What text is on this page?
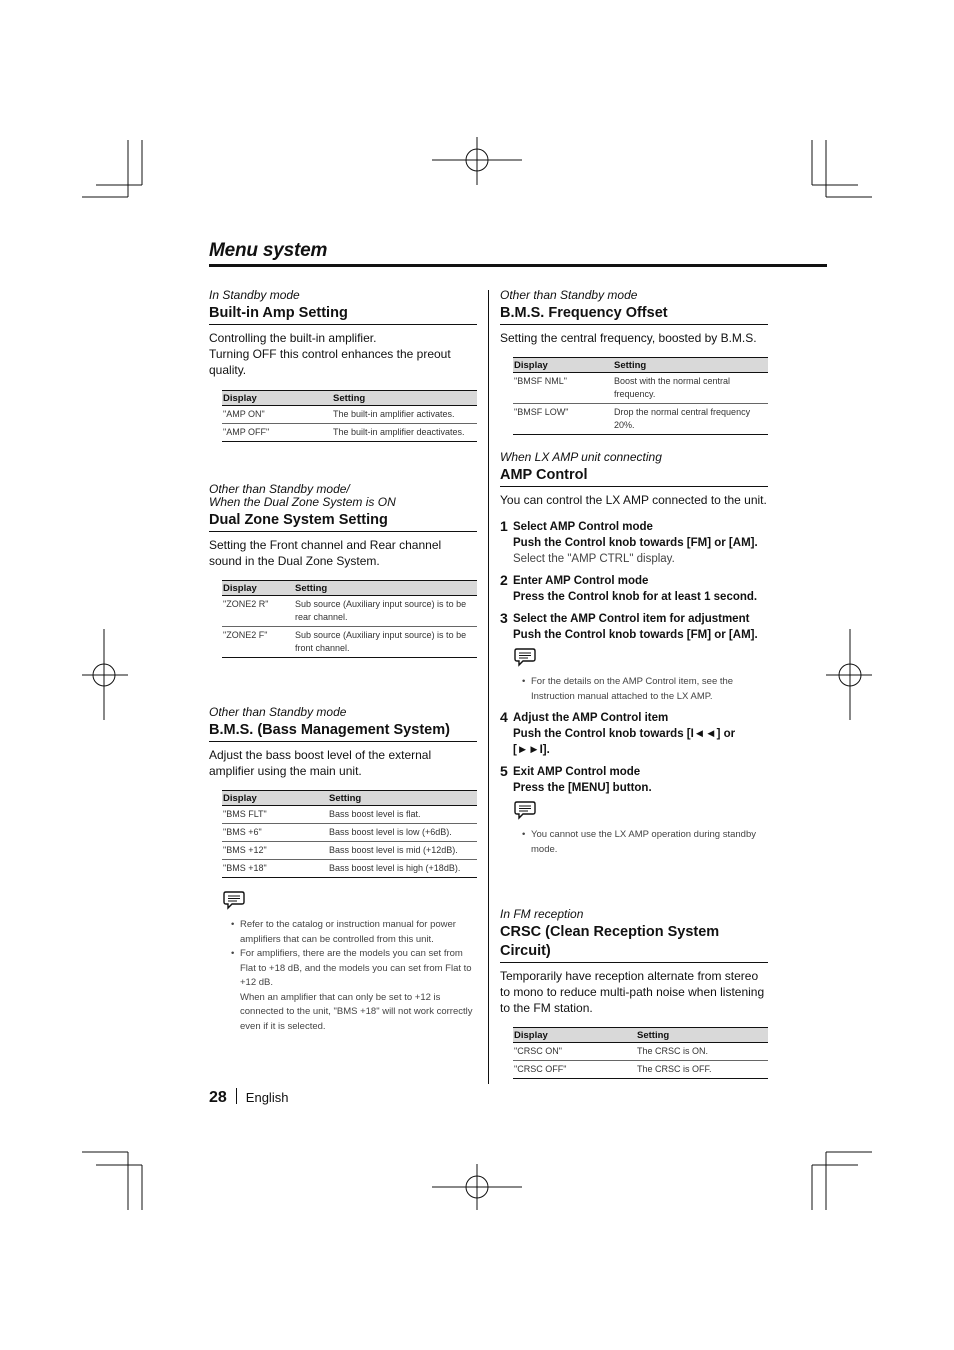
Menu system
In Standby mode
Built-in Amp Setting
Controlling the built-in amplifier.
Turning OFF this control enhances the preout quality.
Display	Setting
"AMP ON"	The built-in amplifier activates.
"AMP OFF"	The built-in amplifier deactivates.
Other than Standby mode/
When the Dual Zone System is ON
Dual Zone System Setting
Setting the Front channel and Rear channel sound in the Dual Zone System.
Display	Setting
"ZONE2 R"	Sub source (Auxiliary input source) is to be rear channel.
"ZONE2 F"	Sub source (Auxiliary input source) is to be front channel.
Other than Standby mode
B.M.S. (Bass Management System)
Adjust the bass boost level of the external amplifier using the main unit.
Display	Setting
"BMS FLT"	Bass boost level is flat.
"BMS +6"	Bass boost level is low (+6dB).
"BMS +12"	Bass boost level is mid (+12dB).
"BMS +18"	Bass boost level is high (+18dB).
• Refer to the catalog or instruction manual for power amplifiers that can be controlled from this unit.
• For amplifiers, there are the models you can set from Flat to +18 dB, and the models you can set from Flat to +12 dB.
When an amplifier that can only be set to +12 is connected to the unit, "BMS +18" will not work correctly even if it is selected.
Other than Standby mode
B.M.S. Frequency Offset
Setting the central frequency, boosted by B.M.S.
Display	Setting
"BMSF NML"	Boost with the normal central frequency.
"BMSF LOW"	Drop the normal central frequency 20%.
When LX AMP unit connecting
AMP Control
You can control the LX AMP connected to the unit.
1 Select AMP Control mode
Push the Control knob towards [FM] or [AM].
Select the "AMP CTRL" display.
2 Enter AMP Control mode
Press the Control knob for at least 1 second.
3 Select the AMP Control item for adjustment
Push the Control knob towards [FM] or [AM].
• For the details on the AMP Control item, see the Instruction manual attached to the LX AMP.
4 Adjust the AMP Control item
Push the Control knob towards [I◄◄] or [►►I].
5 Exit AMP Control mode
Press the [MENU] button.
• You cannot use the LX AMP operation during standby mode.
In FM reception
CRSC (Clean Reception System Circuit)
Temporarily have reception alternate from stereo to mono to reduce multi-path noise when listening to the FM station.
Display	Setting
"CRSC ON"	The CRSC is ON.
"CRSC OFF"	The CRSC is OFF.
28 English
